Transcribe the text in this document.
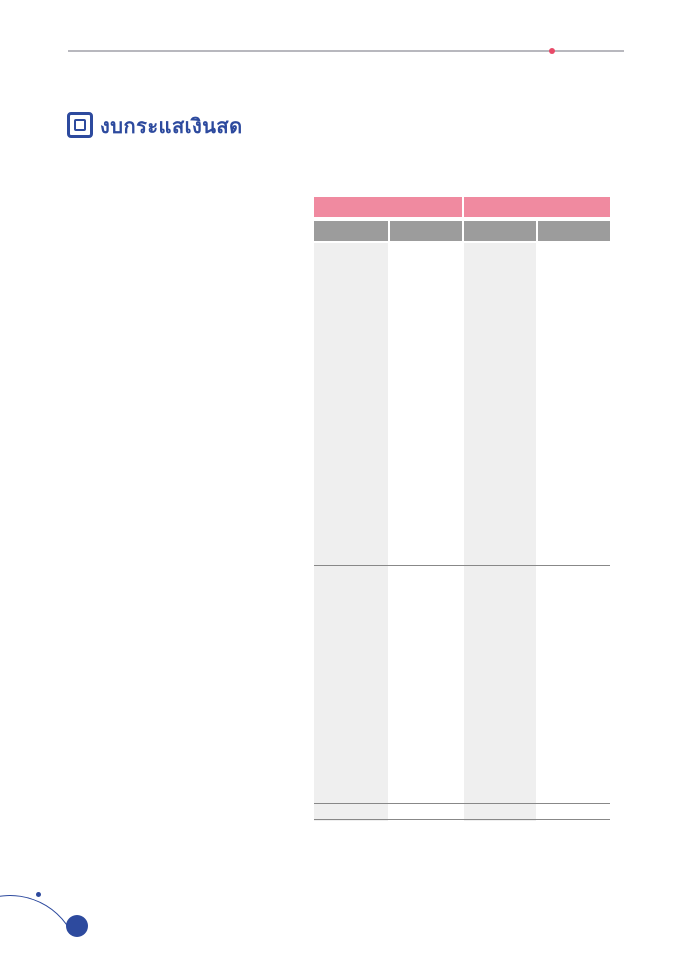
งบกระแสเงินสด
